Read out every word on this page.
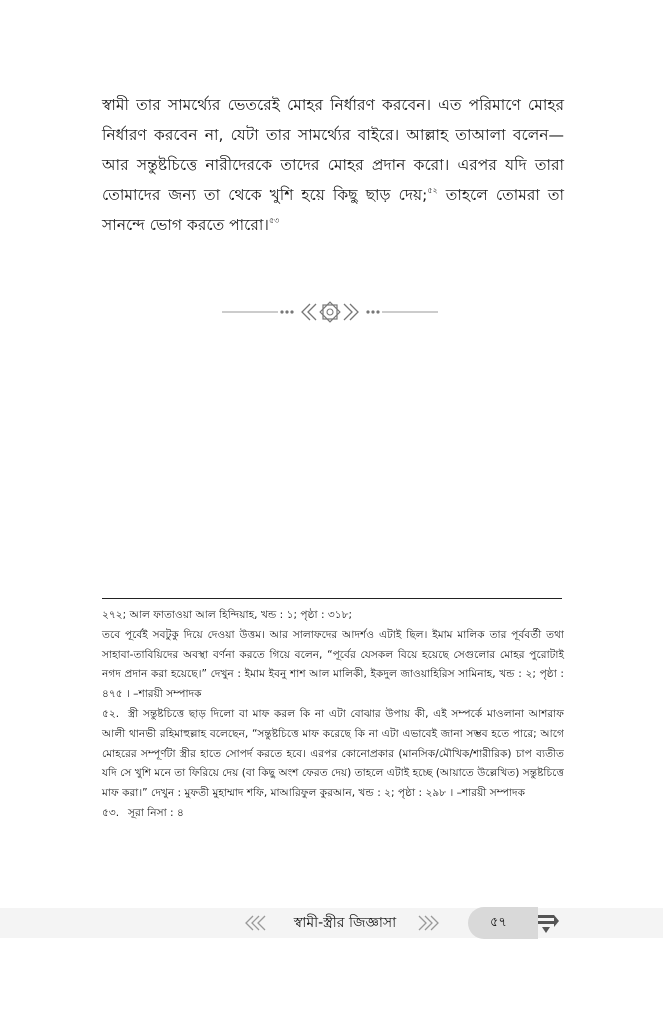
স্বামী তার সামর্থ্যের ভেতরেই মোহর নির্ধারণ করবেন। এত পরিমাণে মোহর নির্ধারণ করবেন না, যেটা তার সামর্থ্যের বাইরে। আল্লাহ তাআলা বলেন— আর সন্তুষ্টচিত্তে নারীদেরকে তাদের মোহর প্রদান করো। এরপর যদি তারা তোমাদের জন্য তা থেকে খুশি হয়ে কিছু ছাড় দেয়;$^{৫২}$ তাহলে তোমরা তা সানন্দে ভোগ করতে পারো।$^{৫৩}$

২৭২; আল ফাতাওয়া আল হিন্দিয়াহ, খন্ড : ১; পৃষ্ঠা : ৩১৮;

তবে পূর্বেই সবটুকু দিয়ে দেওয়া উত্তম। আর সালাফদের আদর্শও এটাই ছিল। ইমাম মালিক তার পূর্ববর্তী তথা সাহাবা-তাবিয়িদের অবস্থা বর্ণনা করতে গিয়ে বলেন, “পূর্বের যেসকল বিয়ে হয়েছে সেগুলোর মোহর পুরোটাই নগদ প্রদান করা হয়েছে।” দেখুন : ইমাম ইবনু শাশ আল মালিকী, ইকদুল জাওয়াহিরিস সামিনাহ, খন্ড : ২; পৃষ্ঠা : ৪৭৫ । –শারয়ী সম্পাদক

৫২. স্ত্রী সন্তুষ্টচিত্তে ছাড় দিলো বা মাফ করল কি না এটা বোঝার উপায় কী, এই সম্পর্কে মাওলানা আশরাফ আলী থানভী রহিমাহুল্লাহ বলেছেন, “সন্তুষ্টচিত্তে মাফ করেছে কি না এটা এভাবেই জানা সম্ভব হতে পারে; আগে মোহরের সম্পূর্ণটা স্ত্রীর হাতে সোপর্দ করতে হবে। এরপর কোনোপ্রকার (মানসিক/মৌখিক/শারীরিক) চাপ ব্যতীত যদি সে খুশি মনে তা ফিরিয়ে দেয় (বা কিছু অংশ ফেরত দেয়) তাহলে এটাই হচ্ছে (আয়াতে উল্লেখিত) সন্তুষ্টচিত্তে মাফ করা।” দেখুন : মুফতী মুহাম্মাদ শফি, মাআরিফুল কুরআন, খন্ড : ২; পৃষ্ঠা : ২৯৮ । –শারয়ী সম্পাদক

৫৩. সূরা নিসা : ৪

স্বামী-স্ত্রীর জিজ্ঞাসা	৫৭
